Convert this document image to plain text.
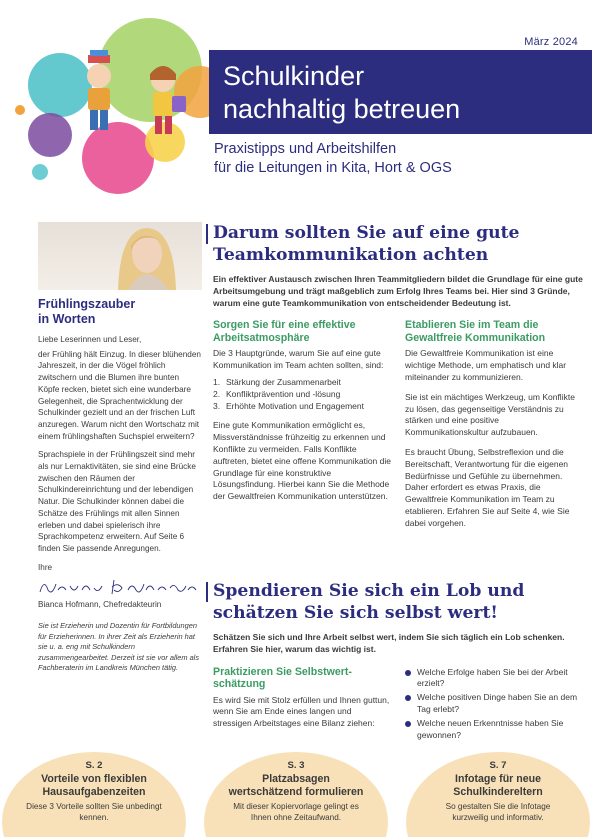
März 2024
Schulkinder
nachhaltig betreuen
Praxistipps und Arbeitshilfen
für die Leitungen in Kita, Hort & OGS
Frühlingszauber
in Worten

Liebe Leserinnen und Leser,

der Frühling hält Einzug. In dieser blühenden Jahreszeit, in der die Vögel fröhlich zwitschern und die Blumen ihre bunten Köpfe recken, bietet sich eine wunderbare Gelegenheit, die Sprachentwicklung der Schulkinder gezielt und an der frischen Luft anzuregen. Warum nicht den Wortschatz mit einem frühlingshaften Suchspiel erweitern?

Sprachspiele in der Frühlingszeit sind mehr als nur Lernaktivitäten, sie sind eine Brücke zwischen den Räumen der Schulkindereinrichtung und der lebendigen Natur. Die Schulkinder können dabei die Schätze des Frühlings mit allen Sinnen erleben und dabei spielerisch ihre Sprachkompetenz erweitern. Auf Seite 6 finden Sie passende Anregungen.

Ihre

Bianca Hofmann, Chefredakteurin

Sie ist Erzieherin und Dozentin für Fortbildungen für Erzieherinnen. In ihrer Zeit als Erzieherin hat sie u. a. eng mit Schulkindern zusammengearbeitet. Derzeit ist sie vor allem als Fachberaterin im Landkreis München tätig.

Darum sollten Sie auf eine gute
Teamkommunikation achten

Ein effektiver Austausch zwischen Ihren Teammitgliedern bildet die Grundlage für eine gute Arbeitsumgebung und trägt maßgeblich zum Erfolg Ihres Teams bei. Hier sind 3 Gründe, warum eine gute Teamkommunikation von entscheidender Bedeutung ist.

Sorgen Sie für eine effektive
Arbeitsatmosphäre

Die 3 Hauptgründe, warum Sie auf eine gute Kommunikation im Team achten sollten, sind:

1. Stärkung der Zusammenarbeit
2. Konfliktprävention und -lösung
3. Erhöhte Motivation und Engagement

Eine gute Kommunikation ermöglicht es, Missverständnisse frühzeitig zu erkennen und Konflikte zu vermeiden. Falls Konflikte auftreten, bietet eine offene Kommunikation die Grundlage für eine konstruktive Lösungsfindung. Hierbei kann Sie die Methode der Gewaltfreien Kommunikation unterstützen.

Etablieren Sie im Team die
Gewaltfreie Kommunikation

Die Gewaltfreie Kommunikation ist eine wichtige Methode, um emphatisch und klar miteinander zu kommunizieren.

Sie ist ein mächtiges Werkzeug, um Konflikte zu lösen, das gegenseitige Verständnis zu stärken und eine positive Kommunikationskultur aufzubauen.

Es braucht Übung, Selbstreflexion und die Bereitschaft, Verantwortung für die eigenen Bedürfnisse und Gefühle zu übernehmen. Daher erfordert es etwas Praxis, die Gewaltfreie Kommunikation im Team zu etablieren. Erfahren Sie auf Seite 4, wie Sie dabei vorgehen.

Spendieren Sie sich ein Lob und
schätzen Sie sich selbst wert!

Schätzen Sie sich und Ihre Arbeit selbst wert, indem Sie sich täglich ein Lob schenken. Erfahren Sie hier, warum das wichtig ist.

Praktizieren Sie Selbstwert-
schätzung

Es wird Sie mit Stolz erfüllen und Ihnen guttun, wenn Sie am Ende eines langen und stressigen Arbeitstages eine Bilanz ziehen:

Welche Erfolge haben Sie bei der Arbeit erzielt?
Welche positiven Dinge haben Sie an dem Tag erlebt?
Welche neuen Erkenntnisse haben Sie gewonnen?
S. 2
Vorteile von flexiblen
Hausaufgabenzeiten
Diese 3 Vorteile sollten Sie unbedingt
kennen.
S. 3
Platzabsagen
wertschätzend formulieren
Mit dieser Kopiervorlage gelingt es
Ihnen ohne Zeitaufwand.
S. 7
Infotage für neue
Schulkindereltern
So gestalten Sie die Infotage
kurzweilig und informativ.
